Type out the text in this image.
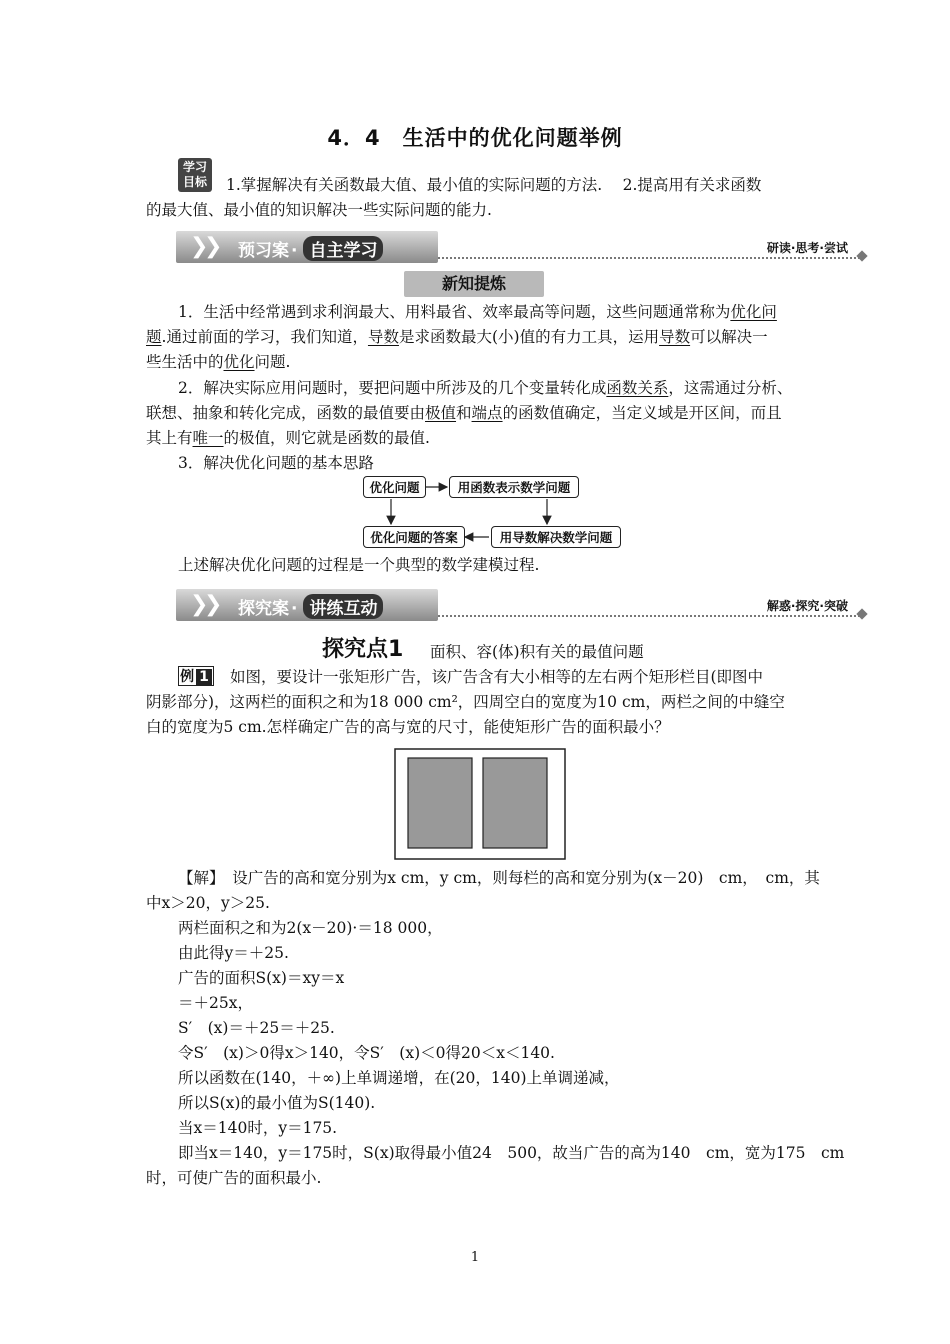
4．4　生活中的优化问题举例
学习
目标	1.掌握解决有关函数最大值、最小值的实际问题的方法.　 2.提高用有关求函数
的最大值、最小值的知识解决一些实际问题的能力.
❯
❯ 预习案 · 自主学习	研读·思考·尝试
新知提炼
1．生活中经常遇到求利润最大、用料最省、效率最高等问题，这些问题通常称为优化问
题.通过前面的学习，我们知道，导数是求函数最大(小)值的有力工具，运用导数可以解决一
些生活中的优化问题.
2．解决实际应用问题时，要把问题中所涉及的几个变量转化成函数关系，这需通过分析、
联想、抽象和转化完成，函数的最值要由极值和端点的函数值确定，当定义域是开区间，而且
其上有唯一的极值，则它就是函数的最值.
3．解决优化问题的基本思路
优化问题	用函数表示数学问题
优化问题的答案	用导数解决数学问题
上述解决优化问题的过程是一个典型的数学建模过程.
❯
❯ 探究案 · 讲练互动	解惑·探究·突破
探究点1 面积、容(体)积有关的最值问题
例 1	如图，要设计一张矩形广告，该广告含有大小相等的左右两个矩形栏目(即图中
阴影部分)，这两栏的面积之和为18 000 cm²，四周空白的宽度为10 cm，两栏之间的中缝空
白的宽度为5 cm.怎样确定广告的高与宽的尺寸，能使矩形广告的面积最小？
【解】　设广告的高和宽分别为x cm，y cm，则每栏的高和宽分别为(x－20)　cm，　cm，其
中x＞20，y＞25.
两栏面积之和为2(x－20)·＝18 000，
由此得y＝＋25.
广告的面积S(x)＝xy＝x
＝＋25x，
S′　(x)＝＋25＝＋25.
令S′　(x)＞0得x＞140，令S′　(x)＜0得20＜x＜140.
所以函数在(140，＋∞)上单调递增，在(20，140)上单调递减，
所以S(x)的最小值为S(140).
当x＝140时，y＝175.
即当x＝140，y＝175时，S(x)取得最小值24　500，故当广告的高为140　cm，宽为175　cm
时，可使广告的面积最小.
1
